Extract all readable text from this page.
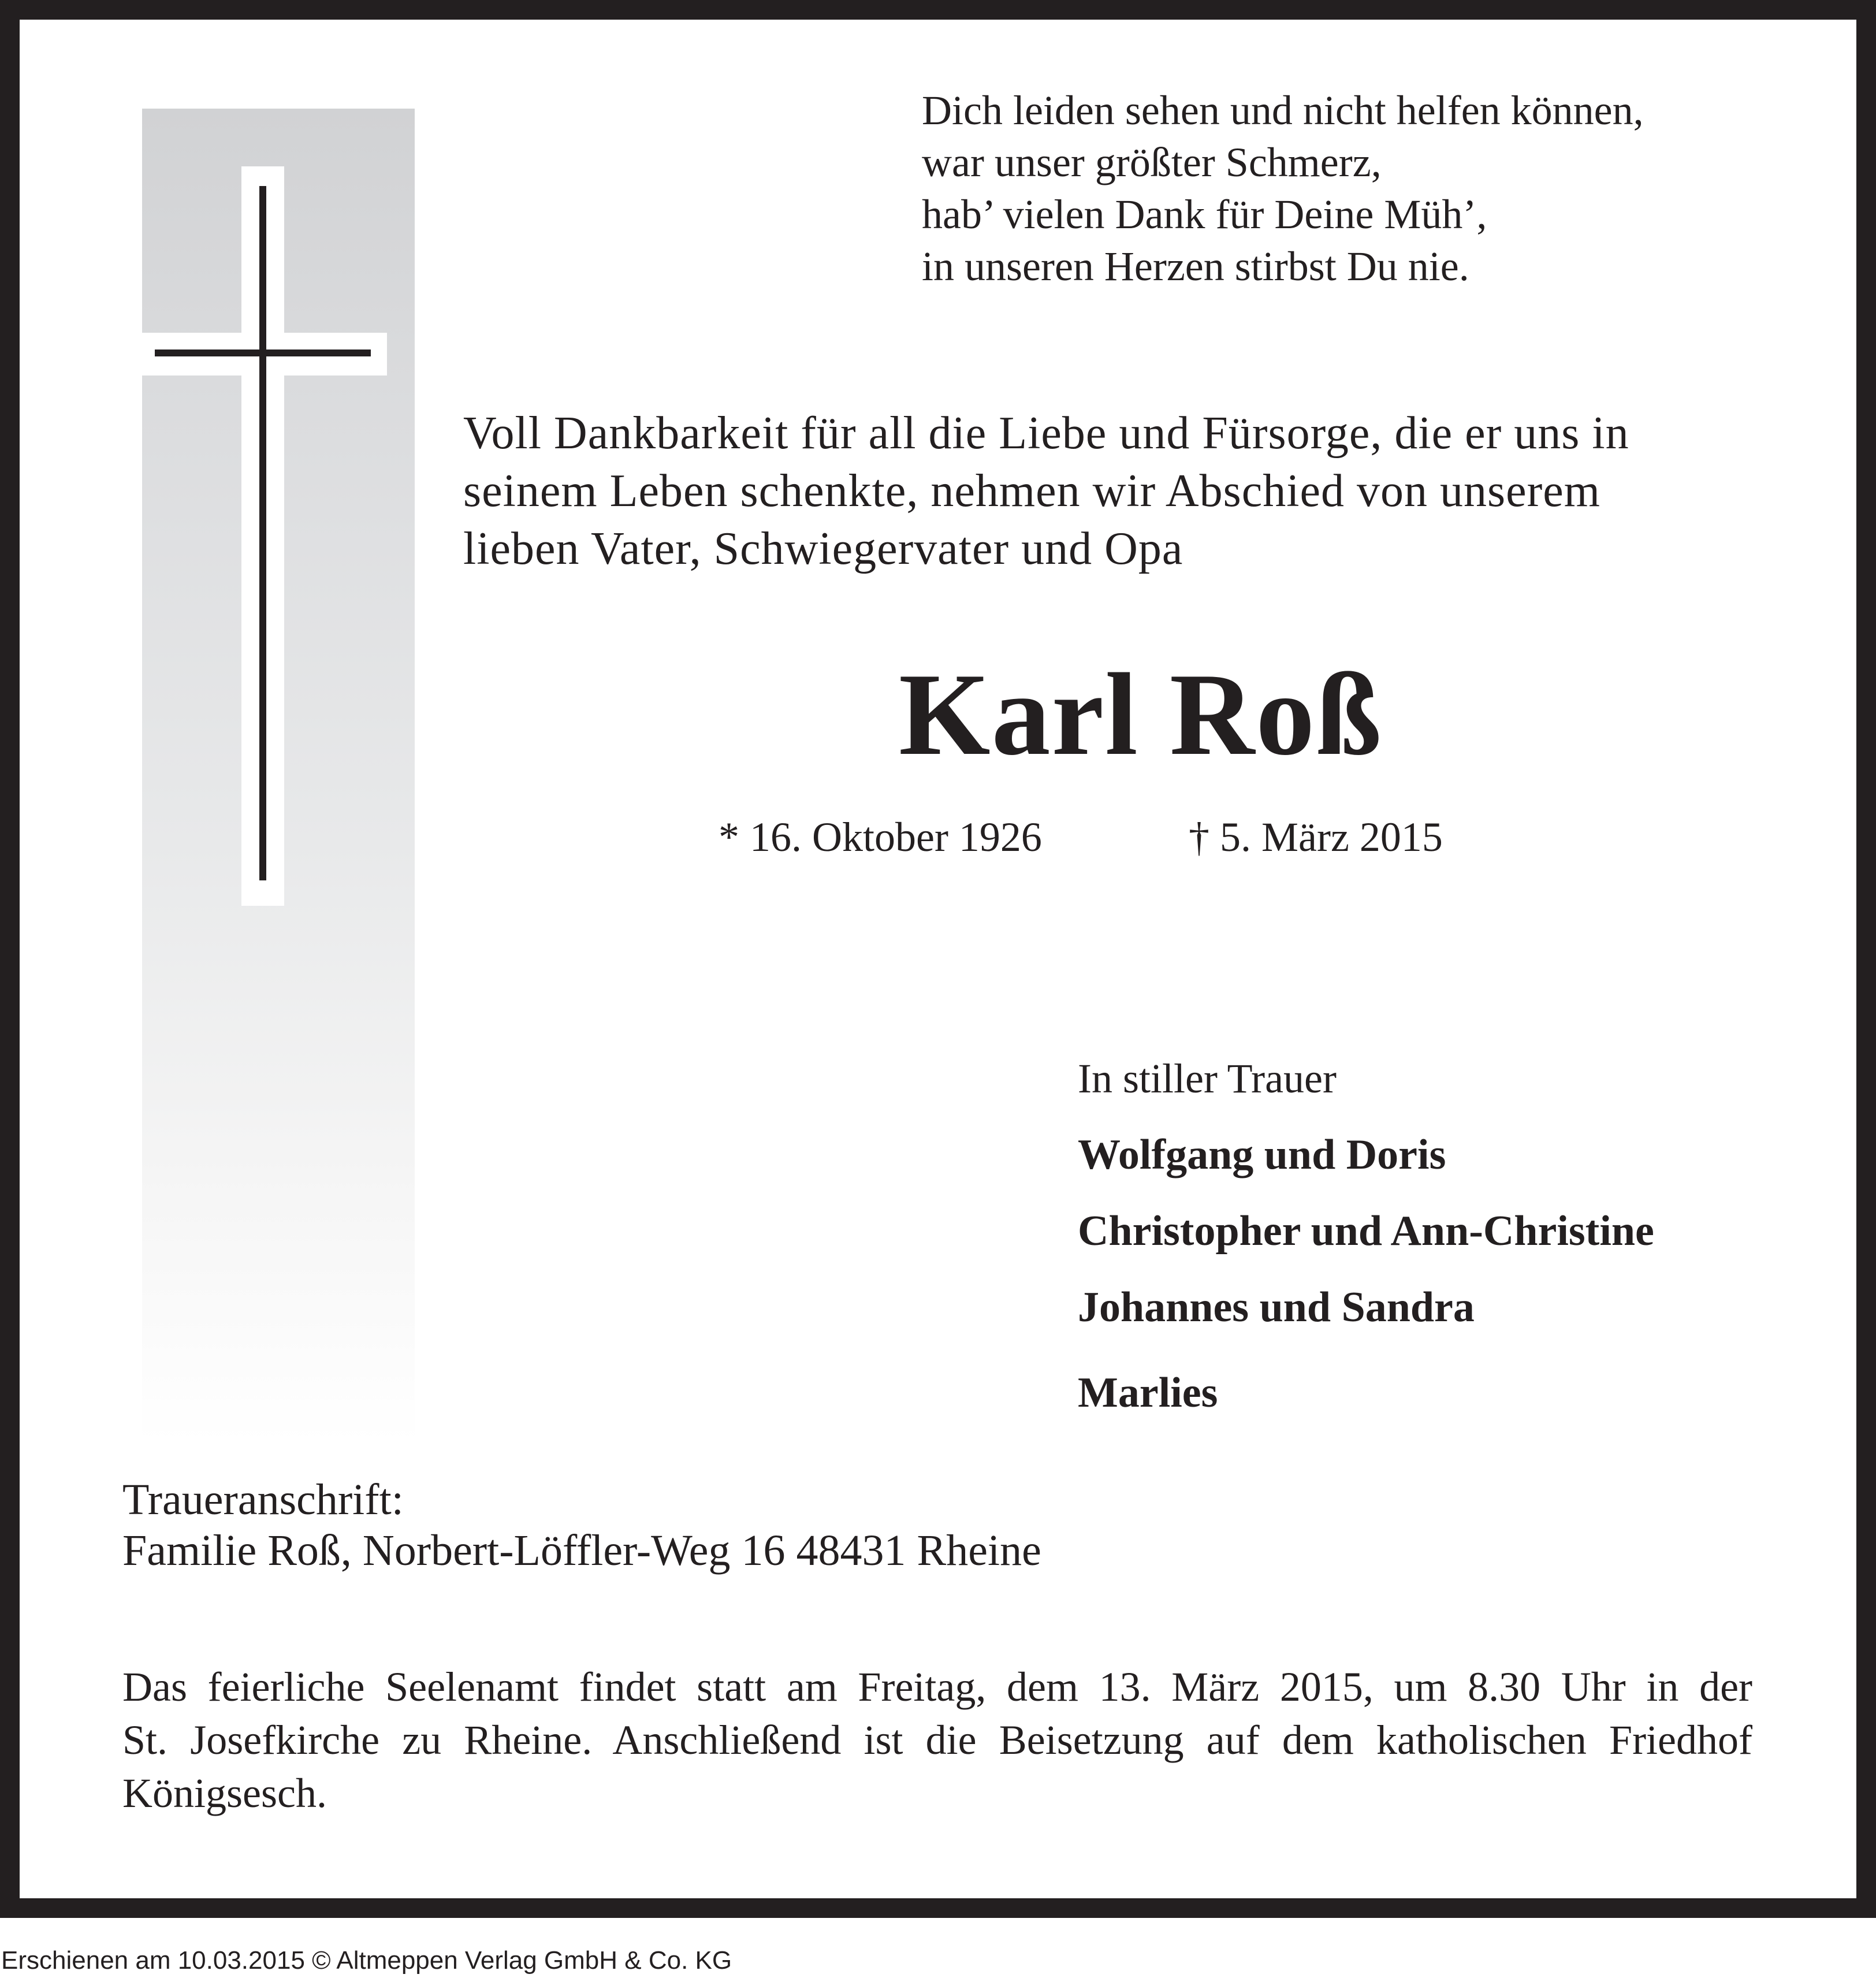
Dich leiden sehen und nicht helfen können,

war unser größter Schmerz,

hab’ vielen Dank für Deine Müh’,

in unseren Herzen stirbst Du nie.

Voll Dankbarkeit für all die Liebe und Fürsorge, die er uns in

seinem Leben schenkte, nehmen wir Abschied von unserem

lieben Vater, Schwiegervater und Opa

Karl Roß

* 16. Oktober 1926	† 5. März 2015

In stiller Trauer

Wolfgang und Doris

Christopher und Ann-Christine

Johannes und Sandra

Marlies

Traueranschrift:

Familie Roß, Norbert-Löffler-Weg 16 48431 Rheine

Das feierliche Seelenamt findet statt am Freitag, dem 13. März 2015, um 8.30 Uhr in der

St. Josefkirche zu Rheine. Anschließend ist die Beisetzung auf dem katholischen Friedhof

Königsesch.

Erschienen am 10.03.2015 © Altmeppen Verlag GmbH & Co. KG
